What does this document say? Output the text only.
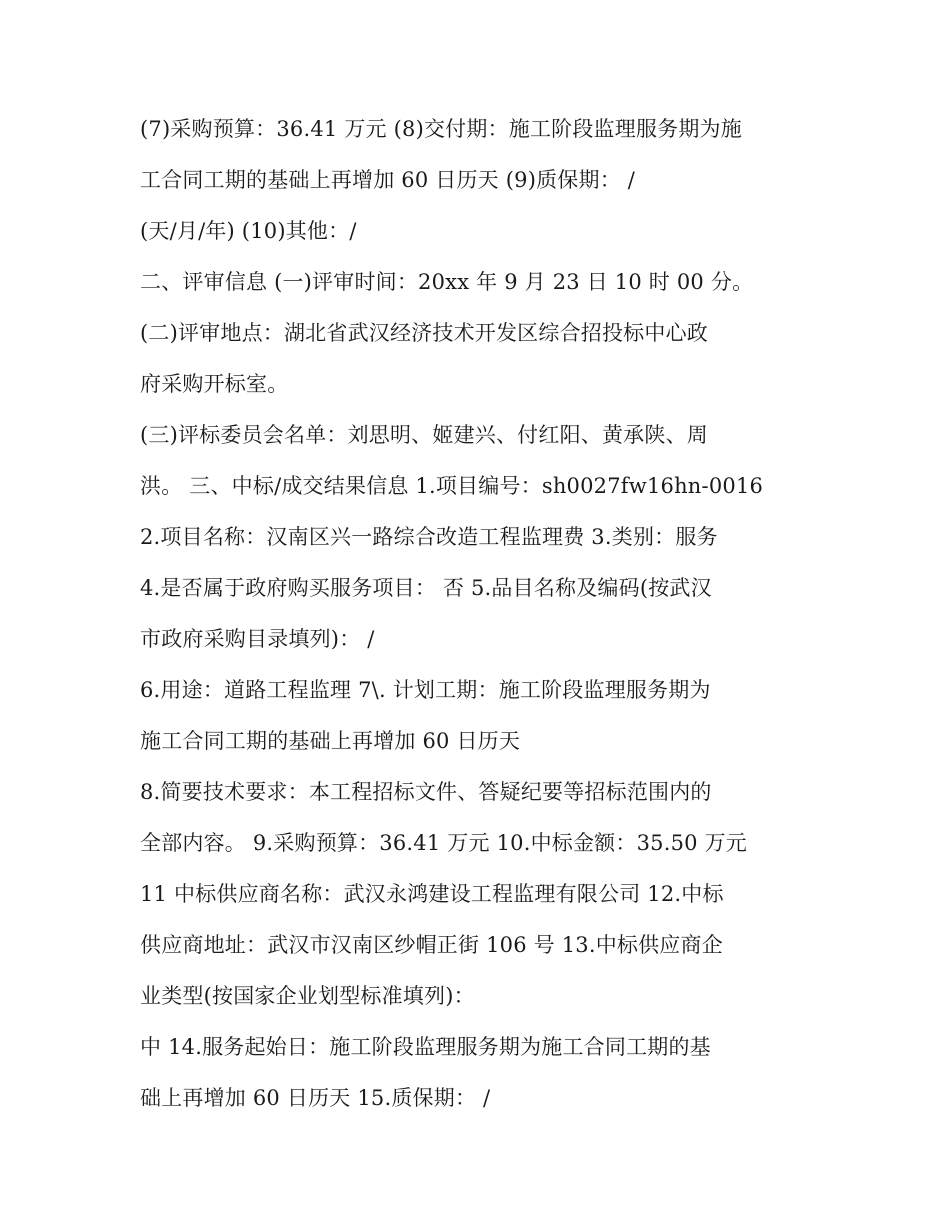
(7)采购预算：36.41 万元 (8)交付期：施工阶段监理服务期为施
工合同工期的基础上再增加 60 日历天 (9)质保期： /
(天/月/年) (10)其他：/
二、评审信息 (一)评审时间：20xx 年 9 月 23 日 10 时 00 分。
(二)评审地点：湖北省武汉经济技术开发区综合招投标中心政
府采购开标室。
(三)评标委员会名单：刘思明、姬建兴、付红阳、黄承陕、周
洪。 三、中标/成交结果信息 1.项目编号：sh0027fw16hn-0016
2.项目名称：汉南区兴一路综合改造工程监理费 3.类别：服务
4.是否属于政府购买服务项目： 否 5.品目名称及编码(按武汉
市政府采购目录填列)： /
6.用途：道路工程监理 7\. 计划工期：施工阶段监理服务期为
施工合同工期的基础上再增加 60 日历天
8.简要技术要求：本工程招标文件、答疑纪要等招标范围内的
全部内容。 9.采购预算：36.41 万元 10.中标金额：35.50 万元
11 中标供应商名称：武汉永鸿建设工程监理有限公司 12.中标
供应商地址：武汉市汉南区纱帽正街 106 号 13.中标供应商企
业类型(按国家企业划型标准填列)：
中 14.服务起始日：施工阶段监理服务期为施工合同工期的基
础上再增加 60 日历天 15.质保期： /
